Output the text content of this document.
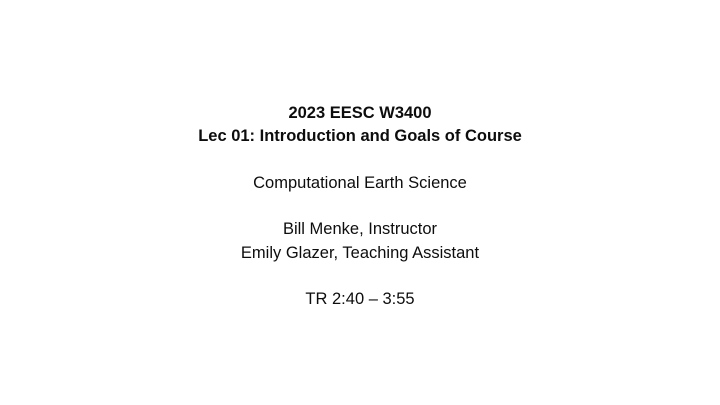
2023 EESC W3400
Lec 01: Introduction and Goals of Course
Computational Earth Science
Bill Menke, Instructor
Emily Glazer, Teaching Assistant
TR 2:40 – 3:55
